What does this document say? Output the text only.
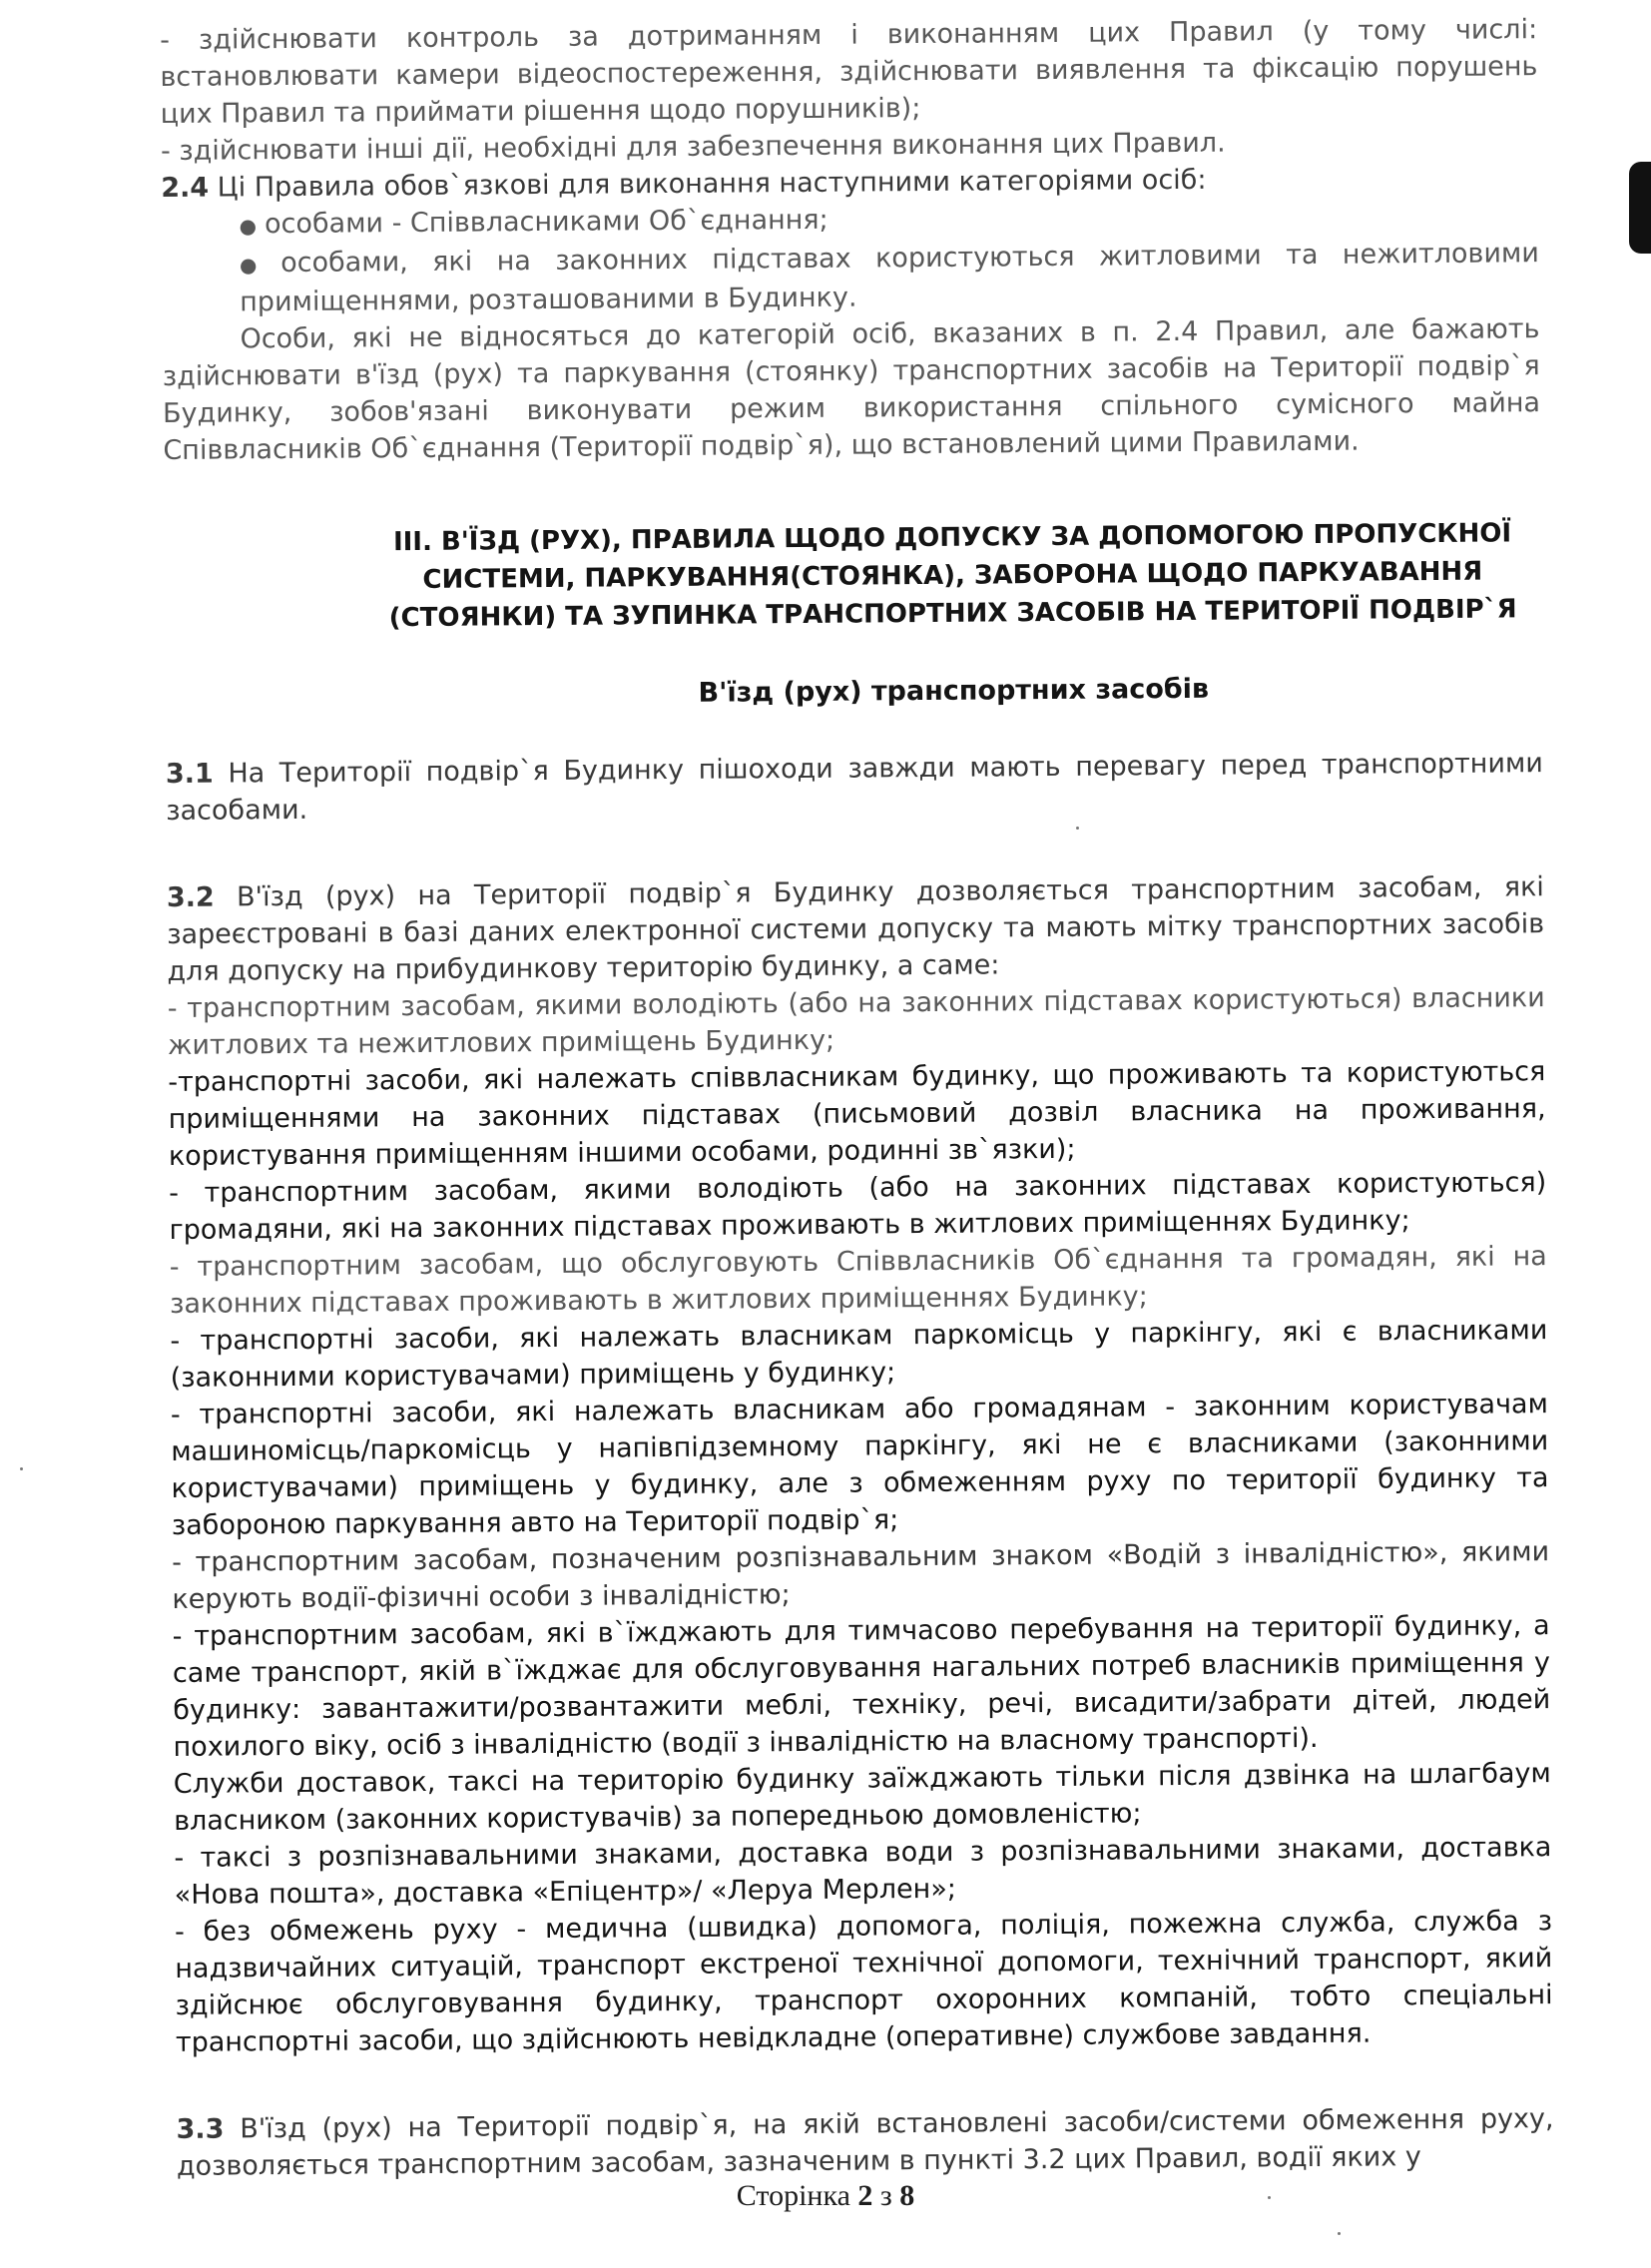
- здійснювати контроль за дотриманням і виконанням цих Правил (у тому числі: встановлювати камери відеоспостереження, здійснювати виявлення та фіксацію порушень цих Правил та приймати рішення щодо порушників);

- здійснювати інші дії, необхідні для забезпечення виконання цих Правил.

2.4 Ці Правила обов`язкові для виконання наступними категоріями осіб:

● особами - Співвласниками Об`єднання;

● особами, які на законних підставах користуються житловими та нежитловими приміщеннями, розташованими в Будинку.

Особи, які не відносяться до категорій осіб, вказаних в п. 2.4 Правил, але бажають здійснювати в'їзд (рух) та паркування (стоянку) транспортних засобів на Території подвір`я Будинку, зобов'язані виконувати режим використання спільного сумісного майна Співвласників Об`єднання (Території подвір`я), що встановлений цими Правилами.

III. В'ЇЗД (РУХ), ПРАВИЛА ЩОДО ДОПУСКУ ЗА ДОПОМОГОЮ ПРОПУСКНОЇ СИСТЕМИ, ПАРКУВАННЯ(СТОЯНКА), ЗАБОРОНА ЩОДО ПАРКУАВАННЯ (СТОЯНКИ) ТА ЗУПИНКА ТРАНСПОРТНИХ ЗАСОБІВ НА ТЕРИТОРІЇ ПОДВІР`Я

В'їзд (рух) транспортних засобів

3.1 На Території подвір`я Будинку пішоходи завжди мають перевагу перед транспортними засобами.

3.2 В'їзд (рух) на Території подвір`я Будинку дозволяється транспортним засобам, які зареєстровані в базі даних електронної системи допуску та мають мітку транспортних засобів для допуску на прибудинкову територію будинку, а саме:

- транспортним засобам, якими володіють (або на законних підставах користуються) власники житлових та нежитлових приміщень Будинку;

-транспортні засоби, які належать співвласникам будинку, що проживають та користуються приміщеннями на законних підставах (письмовий дозвіл власника на проживання, користування приміщенням іншими особами, родинні зв`язки);

- транспортним засобам, якими володіють (або на законних підставах користуються) громадяни, які на законних підставах проживають в житлових приміщеннях Будинку;

- транспортним засобам, що обслуговують Співвласників Об`єднання та громадян, які на законних підставах проживають в житлових приміщеннях Будинку;

- транспортні засоби, які належать власникам паркомісць у паркінгу, які є власниками (законними користувачами) приміщень у будинку;

- транспортні засоби, які належать власникам або громадянам - законним користувачам машиномісць/паркомісць у напівпідземному паркінгу, які не є власниками (законними користувачами) приміщень у будинку, але з обмеженням руху по території будинку та забороною паркування авто на Території подвір`я;

- транспортним засобам, позначеним розпізнавальним знаком «Водій з інвалідністю», якими керують водії-фізичні особи з інвалідністю;

- транспортним засобам, які в`їжджають для тимчасово перебування на території будинку, а саме транспорт, якій в`їжджає для обслуговування нагальних потреб власників приміщення у будинку: завантажити/розвантажити меблі, техніку, речі, висадити/забрати дітей, людей похилого віку, осіб з інвалідністю (водії з інвалідністю на власному транспорті).

Служби доставок, таксі на територію будинку заїжджають тільки після дзвінка на шлагбаум власником (законних користувачів) за попередньою домовленістю;

- таксі з розпізнавальними знаками, доставка води з розпізнавальними знаками, доставка «Нова пошта», доставка «Епіцентр»/ «Леруа Мерлен»;

- без обмежень руху - медична (швидка) допомога, поліція, пожежна служба, служба з надзвичайних ситуацій, транспорт екстреної технічної допомоги, технічний транспорт, який здійснює обслуговування будинку, транспорт охоронних компаній, тобто спеціальні транспортні засоби, що здійснюють невідкладне (оперативне) службове завдання.

3.3 В'їзд (рух) на Території подвір`я, на якій встановлені засоби/системи обмеження руху, дозволяється транспортним засобам, зазначеним в пункті 3.2 цих Правил, водії яких у

Сторінка 2 з 8
